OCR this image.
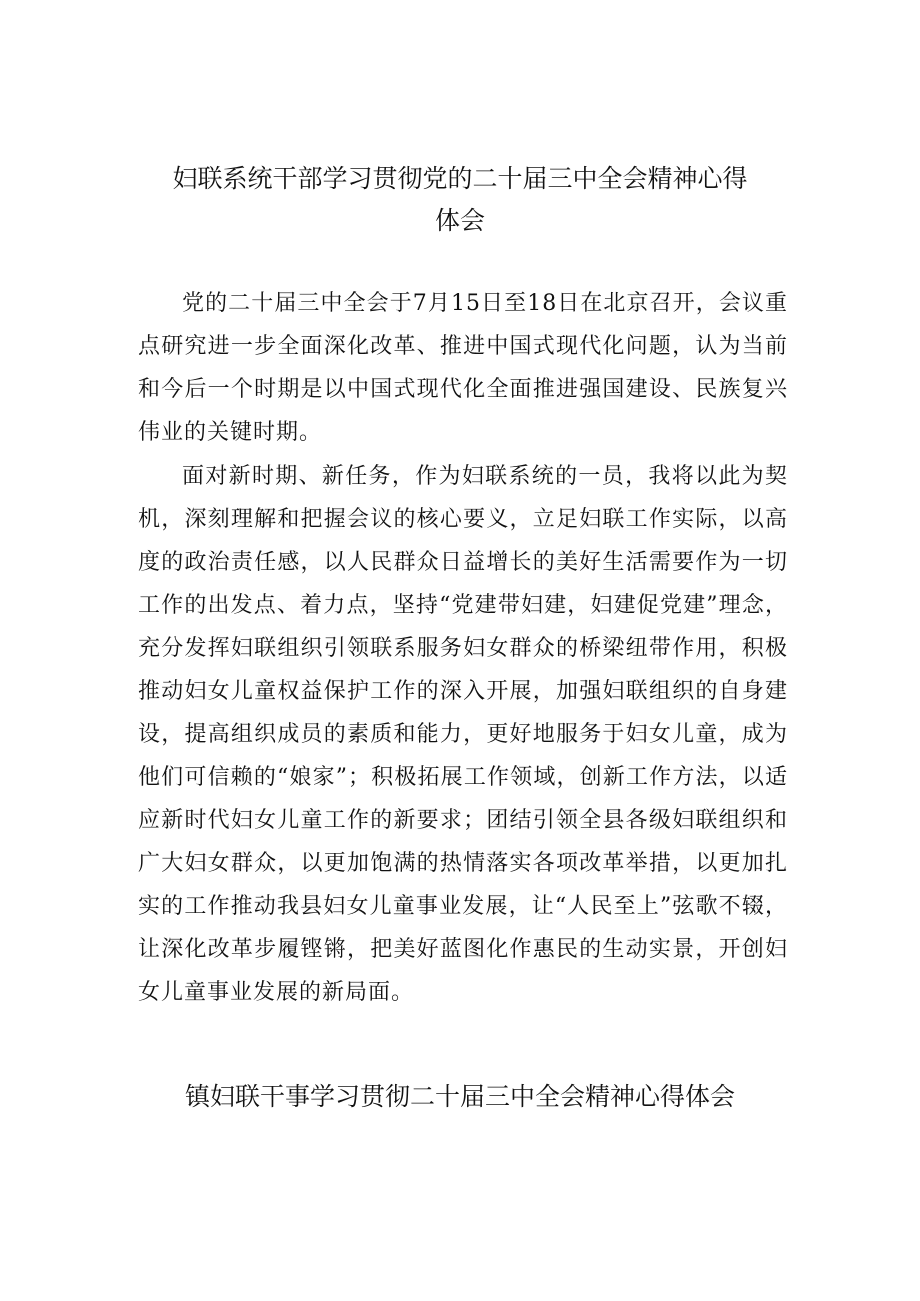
妇联系统干部学习贯彻党的二十届三中全会精神心得
体会

党的二十届三中全会于7月15日至18日在北京召开，会议重点研究进一步全面深化改革、推进中国式现代化问题，认为当前和今后一个时期是以中国式现代化全面推进强国建设、民族复兴伟业的关键时期。

面对新时期、新任务，作为妇联系统的一员，我将以此为契机，深刻理解和把握会议的核心要义，立足妇联工作实际，以高度的政治责任感，以人民群众日益增长的美好生活需要作为一切工作的出发点、着力点，坚持“党建带妇建，妇建促党建”理念，充分发挥妇联组织引领联系服务妇女群众的桥梁纽带作用，积极推动妇女儿童权益保护工作的深入开展，加强妇联组织的自身建设，提高组织成员的素质和能力，更好地服务于妇女儿童，成为他们可信赖的“娘家”；积极拓展工作领域，创新工作方法，以适应新时代妇女儿童工作的新要求；团结引领全县各级妇联组织和广大妇女群众，以更加饱满的热情落实各项改革举措，以更加扎实的工作推动我县妇女儿童事业发展，让“人民至上”弦歌不辍，让深化改革步履铿锵，把美好蓝图化作惠民的生动实景，开创妇女儿童事业发展的新局面。

镇妇联干事学习贯彻二十届三中全会精神心得体会
